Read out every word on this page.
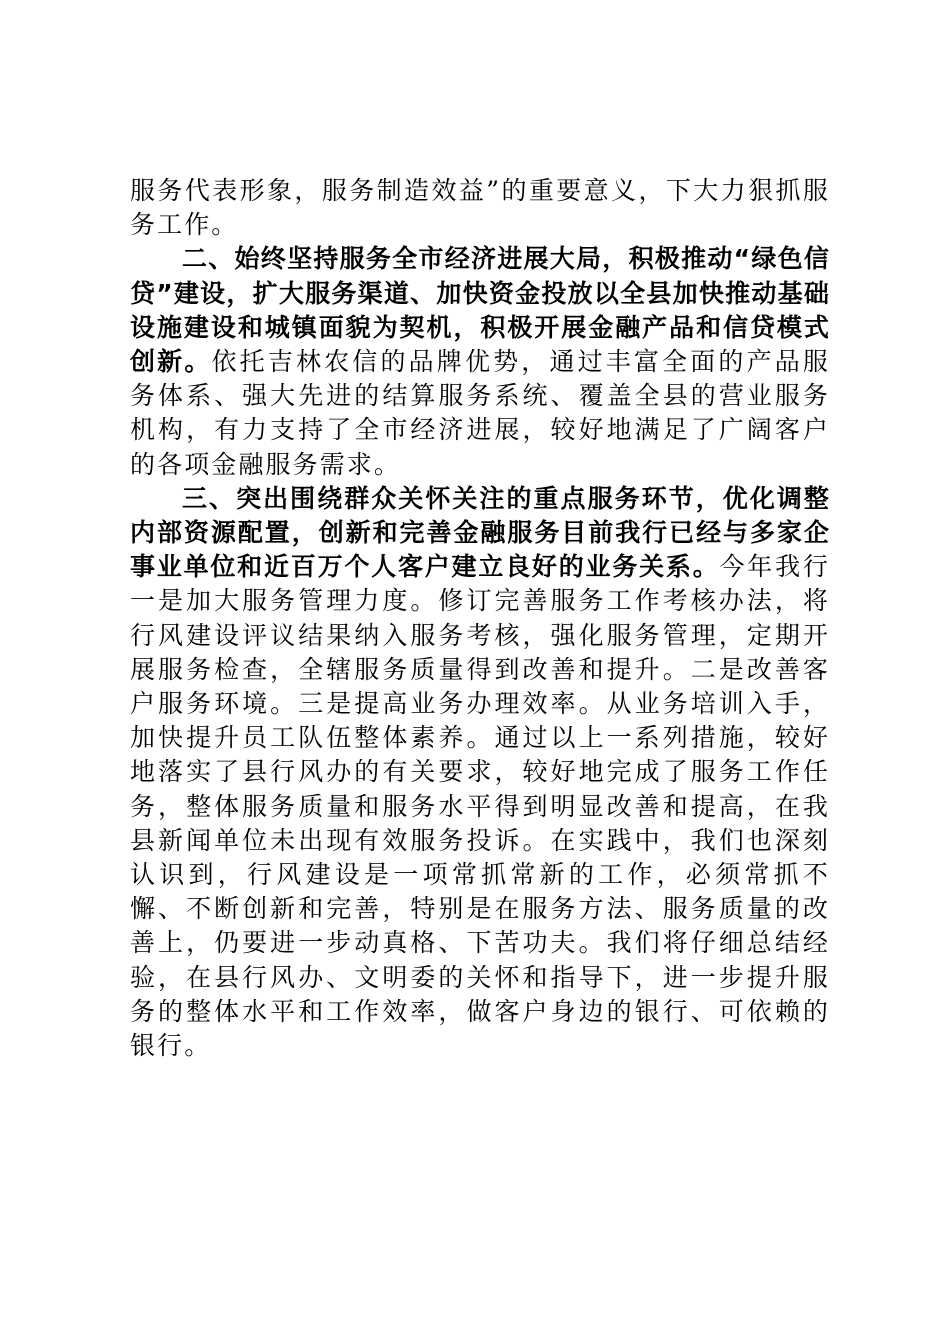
服务代表形象，服务制造效益”的重要意义，下大力狠抓服务工作。

二、始终坚持服务全市经济进展大局，积极推动“绿色信贷”建设，扩大服务渠道、加快资金投放以全县加快推动基础设施建设和城镇面貌为契机，积极开展金融产品和信贷模式创新。依托吉林农信的品牌优势，通过丰富全面的产品服务体系、强大先进的结算服务系统、覆盖全县的营业服务机构，有力支持了全市经济进展，较好地满足了广阔客户的各项金融服务需求。

三、突出围绕群众关怀关注的重点服务环节，优化调整内部资源配置，创新和完善金融服务目前我行已经与多家企事业单位和近百万个人客户建立良好的业务关系。今年我行一是加大服务管理力度。修订完善服务工作考核办法，将行风建设评议结果纳入服务考核，强化服务管理，定期开展服务检查，全辖服务质量得到改善和提升。二是改善客户服务环境。三是提高业务办理效率。从业务培训入手，加快提升员工队伍整体素养。通过以上一系列措施，较好地落实了县行风办的有关要求，较好地完成了服务工作任务，整体服务质量和服务水平得到明显改善和提高，在我县新闻单位未出现有效服务投诉。在实践中，我们也深刻认识到，行风建设是一项常抓常新的工作，必须常抓不懈、不断创新和完善，特别是在服务方法、服务质量的改善上，仍要进一步动真格、下苦功夫。我们将仔细总结经验，在县行风办、文明委的关怀和指导下，进一步提升服务的整体水平和工作效率，做客户身边的银行、可依赖的银行。
